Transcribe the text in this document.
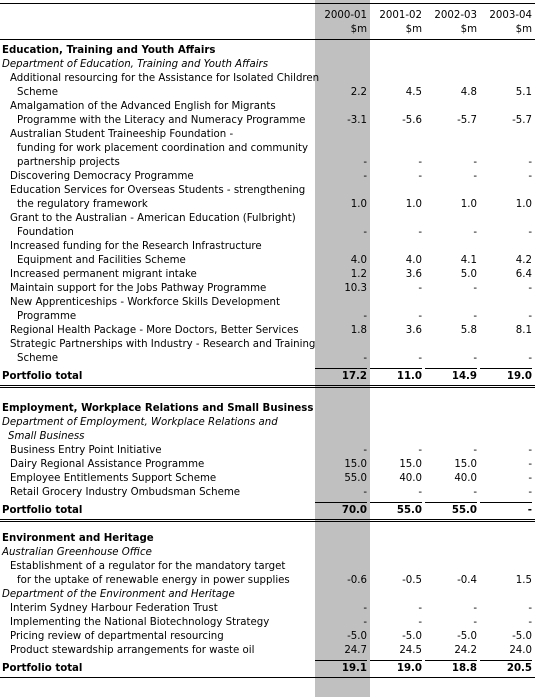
2000-01	2001-02	2002-03	2003-04
$m	$m	$m	$m
Education, Training and Youth Affairs
Department of Education, Training and Youth Affairs
Additional resourcing for the Assistance for Isolated Children
Scheme	2.2	4.5	4.8	5.1
Amalgamation of the Advanced English for Migrants
Programme with the Literacy and Numeracy Programme	-3.1	-5.6	-5.7	-5.7
Australian Student Traineeship Foundation -
funding for work placement coordination and community
partnership projects	-	-	-	-
Discovering Democracy Programme	-	-	-	-
Education Services for Overseas Students - strengthening
the regulatory framework	1.0	1.0	1.0	1.0
Grant to the Australian - American Education (Fulbright)
Foundation	-	-	-	-
Increased funding for the Research Infrastructure
Equipment and Facilities Scheme	4.0	4.0	4.1	4.2
Increased permanent migrant intake	1.2	3.6	5.0	6.4
Maintain support for the Jobs Pathway Programme	10.3	-	-	-
New Apprenticeships - Workforce Skills Development
Programme	-	-	-	-
Regional Health Package - More Doctors, Better Services	1.8	3.6	5.8	8.1
Strategic Partnerships with Industry - Research and Training
Scheme	-	-	-	-
Portfolio total	17.2	11.0	14.9	19.0
Employment, Workplace Relations and Small Business
Department of Employment, Workplace Relations and
Small Business
Business Entry Point Initiative	-	-	-	-
Dairy Regional Assistance Programme	15.0	15.0	15.0	-
Employee Entitlements Support Scheme	55.0	40.0	40.0	-
Retail Grocery Industry Ombudsman Scheme	-	-	-	-
Portfolio total	70.0	55.0	55.0	-
Environment and Heritage
Australian Greenhouse Office
Establishment of a regulator for the mandatory target
for the uptake of renewable energy in power supplies	-0.6	-0.5	-0.4	1.5
Department of the Environment and Heritage
Interim Sydney Harbour Federation Trust	-	-	-	-
Implementing the National Biotechnology Strategy	-	-	-	-
Pricing review of departmental resourcing	-5.0	-5.0	-5.0	-5.0
Product stewardship arrangements for waste oil	24.7	24.5	24.2	24.0
Portfolio total	19.1	19.0	18.8	20.5
